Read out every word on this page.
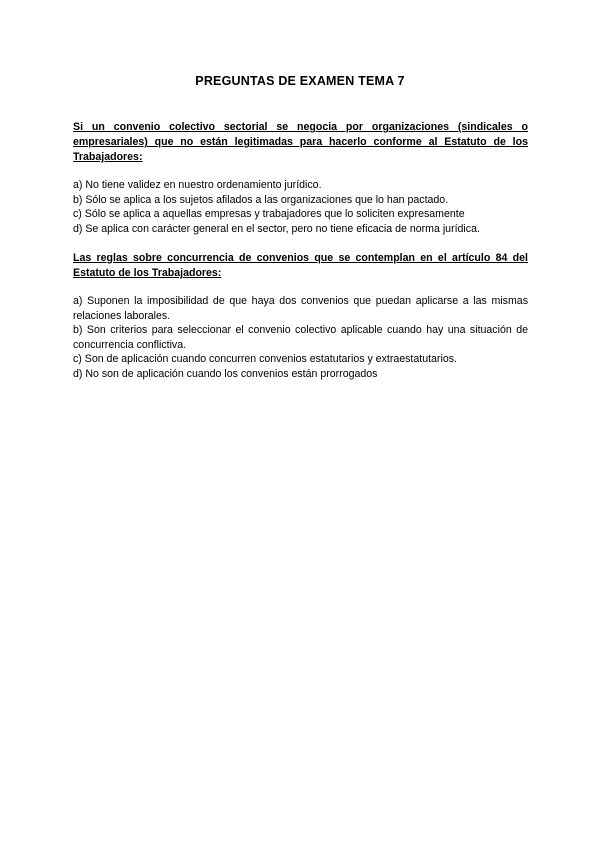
PREGUNTAS DE EXAMEN TEMA 7

Si un convenio colectivo sectorial se negocia por organizaciones (sindicales o empresariales) que no están legitimadas para hacerlo conforme al Estatuto de los Trabajadores:

a) No tiene validez en nuestro ordenamiento jurídico.
b) Sólo se aplica a los sujetos afilados a las organizaciones que lo han pactado.
c) Sólo se aplica a aquellas empresas y trabajadores que lo soliciten expresamente
d) Se aplica con carácter general en el sector, pero no tiene eficacia de norma jurídica.

Las reglas sobre concurrencia de convenios que se contemplan en el artículo 84 del Estatuto de los Trabajadores:

a) Suponen la imposibilidad de que haya dos convenios que puedan aplicarse a las mismas relaciones laborales.
b) Son criterios para seleccionar el convenio colectivo aplicable cuando hay una situación de concurrencia conflictiva.
c) Son de aplicación cuando concurren convenios estatutarios y extraestatutarios.
d) No son de aplicación cuando los convenios están prorrogados
